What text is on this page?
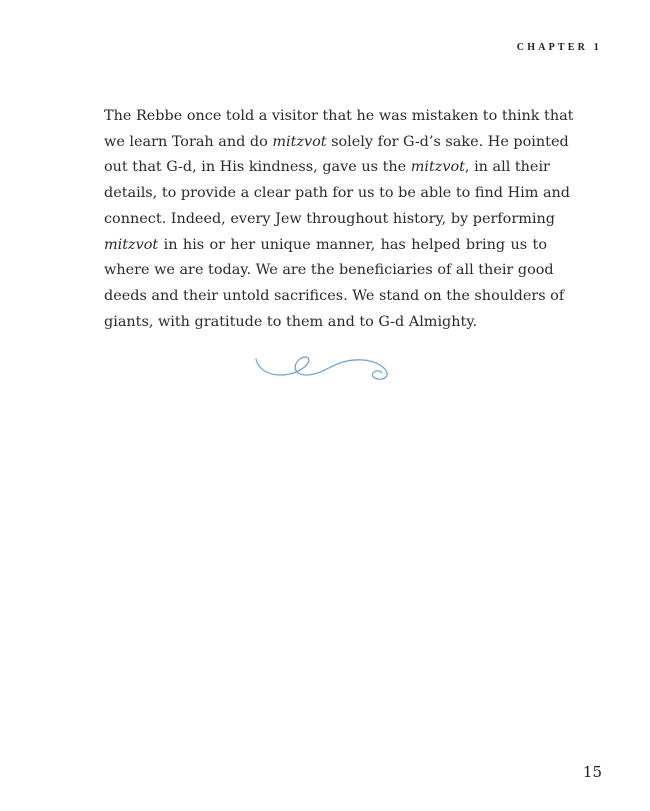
CHAPTER 1

The Rebbe once told a visitor that he was mistaken to think that
we learn Torah and do mitzvot solely for G-d’s sake. He pointed
out that G-d, in His kindness, gave us the mitzvot, in all their
details, to provide a clear path for us to be able to find Him and
connect. Indeed, every Jew throughout history, by performing
mitzvot in his or her unique manner, has helped bring us to
where we are today. We are the beneficiaries of all their good
deeds and their untold sacrifices. We stand on the shoulders of
giants, with gratitude to them and to G-d Almighty.

15
